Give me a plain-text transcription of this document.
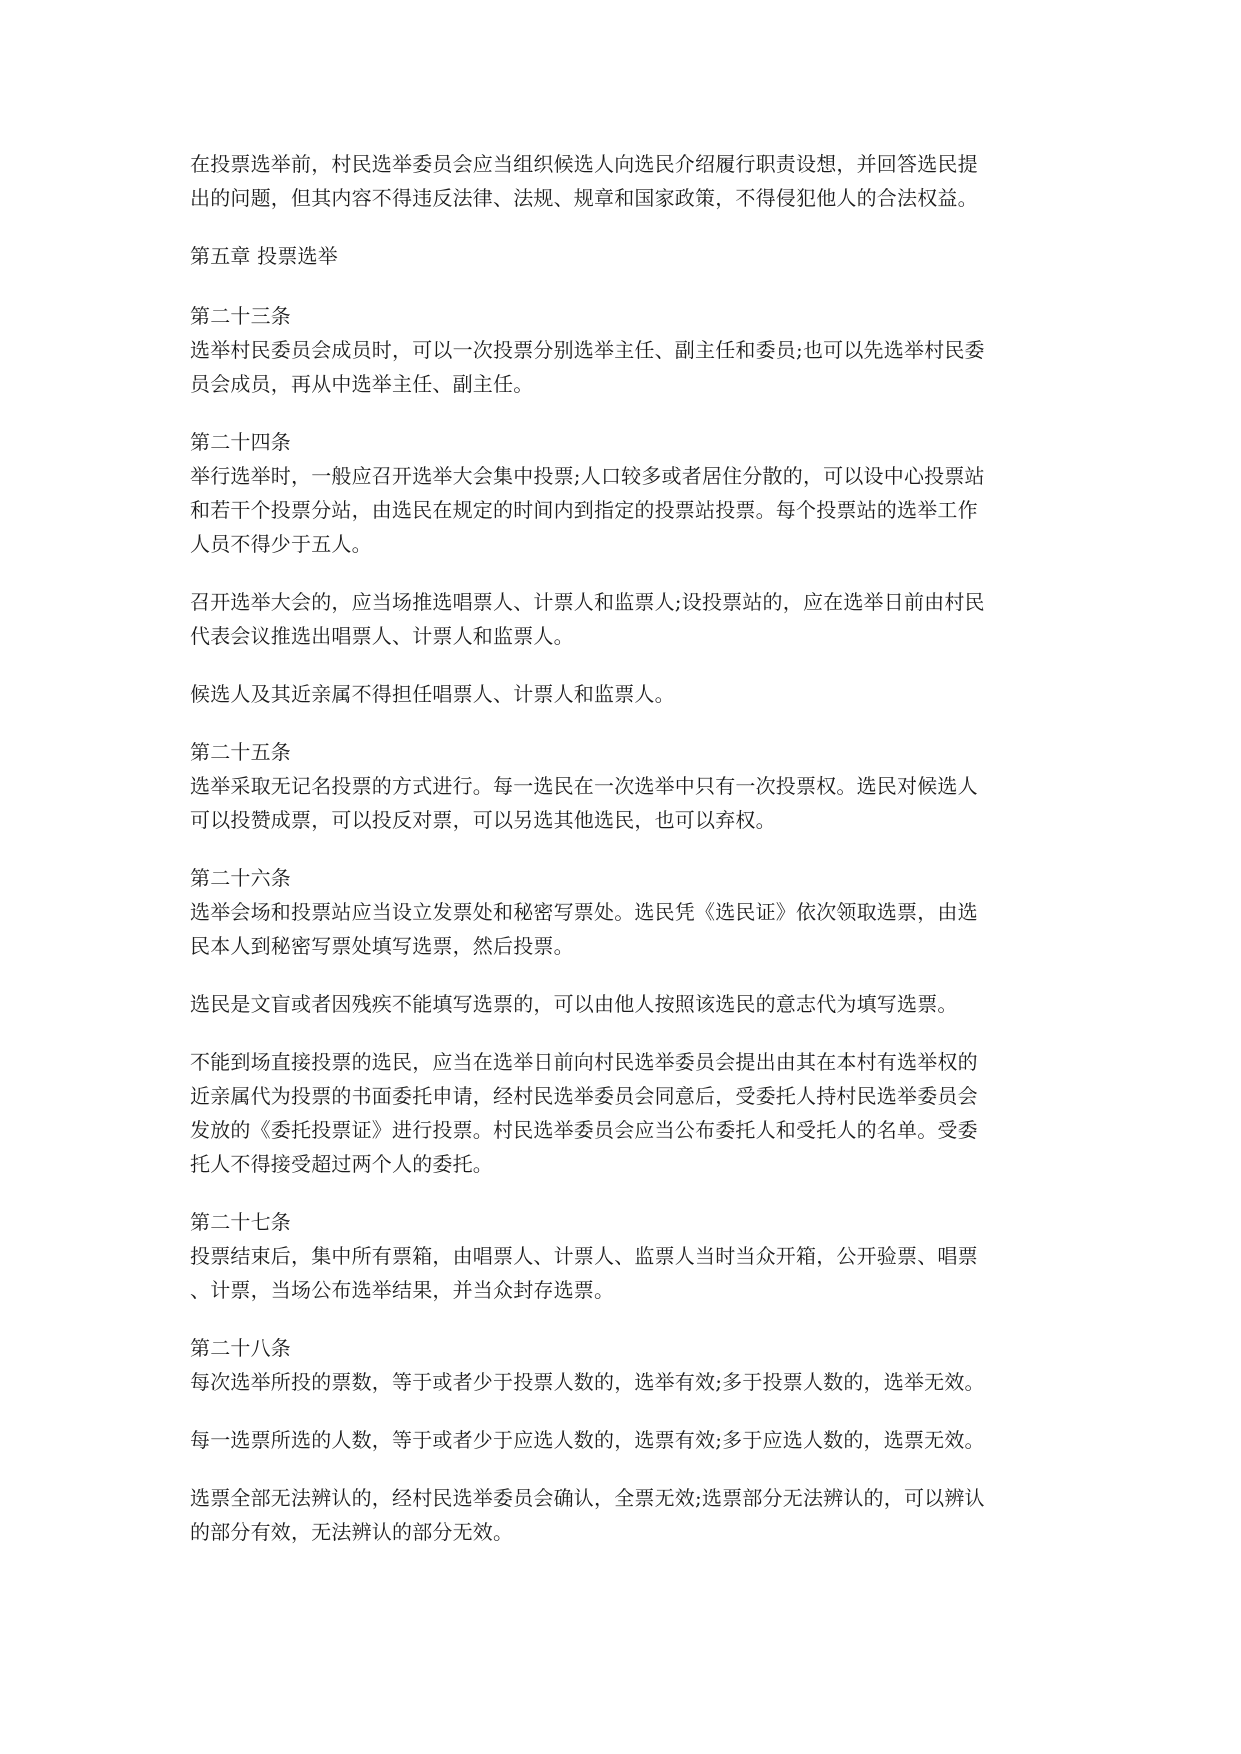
在投票选举前，村民选举委员会应当组织候选人向选民介绍履行职责设想，并回答选民提
出的问题，但其内容不得违反法律、法规、规章和国家政策，不得侵犯他人的合法权益。
第五章 投票选举
第二十三条
选举村民委员会成员时，可以一次投票分别选举主任、副主任和委员;也可以先选举村民委
员会成员，再从中选举主任、副主任。
第二十四条
举行选举时，一般应召开选举大会集中投票;人口较多或者居住分散的，可以设中心投票站
和若干个投票分站，由选民在规定的时间内到指定的投票站投票。每个投票站的选举工作
人员不得少于五人。
召开选举大会的，应当场推选唱票人、计票人和监票人;设投票站的，应在选举日前由村民
代表会议推选出唱票人、计票人和监票人。
候选人及其近亲属不得担任唱票人、计票人和监票人。
第二十五条
选举采取无记名投票的方式进行。每一选民在一次选举中只有一次投票权。选民对候选人
可以投赞成票，可以投反对票，可以另选其他选民，也可以弃权。
第二十六条
选举会场和投票站应当设立发票处和秘密写票处。选民凭《选民证》依次领取选票，由选
民本人到秘密写票处填写选票，然后投票。
选民是文盲或者因残疾不能填写选票的，可以由他人按照该选民的意志代为填写选票。
不能到场直接投票的选民，应当在选举日前向村民选举委员会提出由其在本村有选举权的
近亲属代为投票的书面委托申请，经村民选举委员会同意后，受委托人持村民选举委员会
发放的《委托投票证》进行投票。村民选举委员会应当公布委托人和受托人的名单。受委
托人不得接受超过两个人的委托。
第二十七条
投票结束后，集中所有票箱，由唱票人、计票人、监票人当时当众开箱，公开验票、唱票
、计票，当场公布选举结果，并当众封存选票。
第二十八条
每次选举所投的票数，等于或者少于投票人数的，选举有效;多于投票人数的，选举无效。
每一选票所选的人数，等于或者少于应选人数的，选票有效;多于应选人数的，选票无效。
选票全部无法辨认的，经村民选举委员会确认，全票无效;选票部分无法辨认的，可以辨认
的部分有效，无法辨认的部分无效。
